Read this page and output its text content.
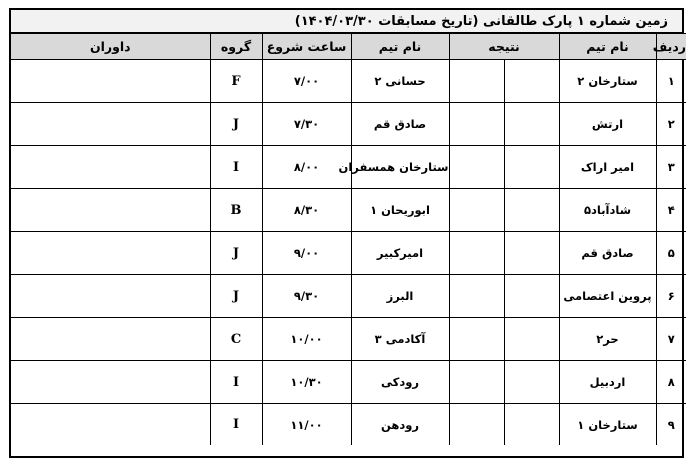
زمین شماره ۱ پارک طالقانی (تاریخ مسابقات ۱۴۰۴/۰۳/۳۰)
ردیف	نام تیم	نتیجه		نام تیم	ساعت شروع	گروه	داوران
۱	ستارخان ۲			حسانی ۲	۷/۰۰	F	
۲	ارتش			صادق قم	۷/۳۰	J	
۳	امیر اراک			ستارخان همسفران	۸/۰۰	I	
۴	شادآباد۵			ابوریحان ۱	۸/۳۰	B	
۵	صادق قم			امیرکبیر	۹/۰۰	J	
۶	پروین اعتصامی			البرز	۹/۳۰	J	
۷	حر۲			آکادمی ۳	۱۰/۰۰	C	
۸	اردبیل			رودکی	۱۰/۳۰	I	
۹	ستارخان ۱			رودهن	۱۱/۰۰	I	
